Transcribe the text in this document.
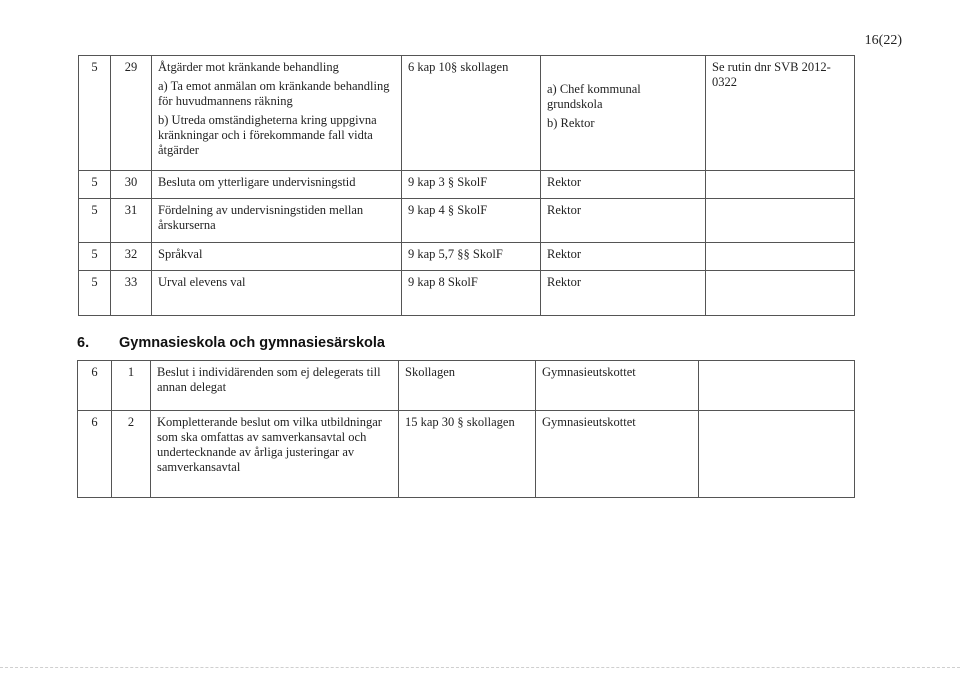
16(22)
5	29	Åtgärder mot kränkande behandling
a) Ta emot anmälan om kränkande behandling för huvudmannens räkning
b) Utreda omständigheterna kring uppgivna kränkningar och i förekommande fall vidta åtgärder	6 kap 10§ skollagen	a) Chef kommunal grundskola
b) Rektor	Se rutin dnr SVB 2012-0322
5	30	Besluta om ytterligare undervisningstid	9 kap 3 § SkolF	Rektor	
5	31	Fördelning av undervisningstiden mellan årskurserna	9 kap 4 § SkolF	Rektor	
5	32	Språkval	9 kap 5,7 §§ SkolF	Rektor	
5	33	Urval elevens val	9 kap 8 SkolF	Rektor	
6. Gymnasieskola och gymnasiesärskola
6	1	Beslut i individärenden som ej delegerats till annan delegat	Skollagen	Gymnasieutskottet	
6	2	Kompletterande beslut om vilka utbildningar som ska omfattas av samverkansavtal och undertecknande av årliga justeringar av samverkansavtal	15 kap 30 § skollagen	Gymnasieutskottet	
